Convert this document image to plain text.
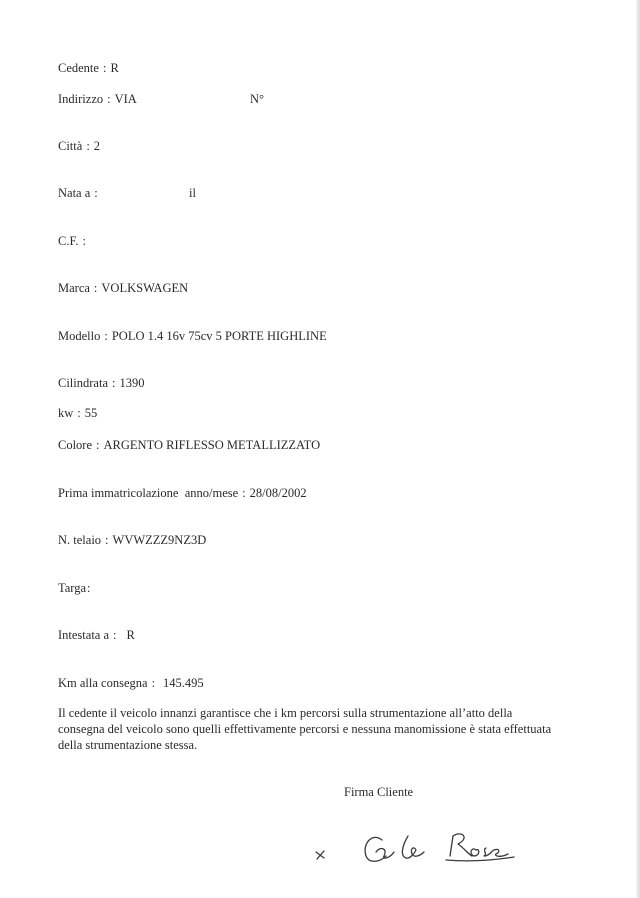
Cedente : R
Indirizzo : VIA	N°
Città : 2
Nata a :	il
C.F. :
Marca : VOLKSWAGEN
Modello : POLO 1.4 16v 75cv 5 PORTE HIGHLINE
Cilindrata : 1390
kw : 55
Colore : ARGENTO RIFLESSO METALLIZZATO
Prima immatricolazione  anno/mese : 28/08/2002
N. telaio : WVWZZZ9NZ3D
Targa:
Intestata a : R
Km alla consegna : 145.495
Il cedente il veicolo innanzi garantisce che i km percorsi sulla strumentazione all’atto della
consegna del veicolo sono quelli effettivamente percorsi e nessuna manomissione è stata effettuata
della strumentazione stessa.
Firma Cliente
